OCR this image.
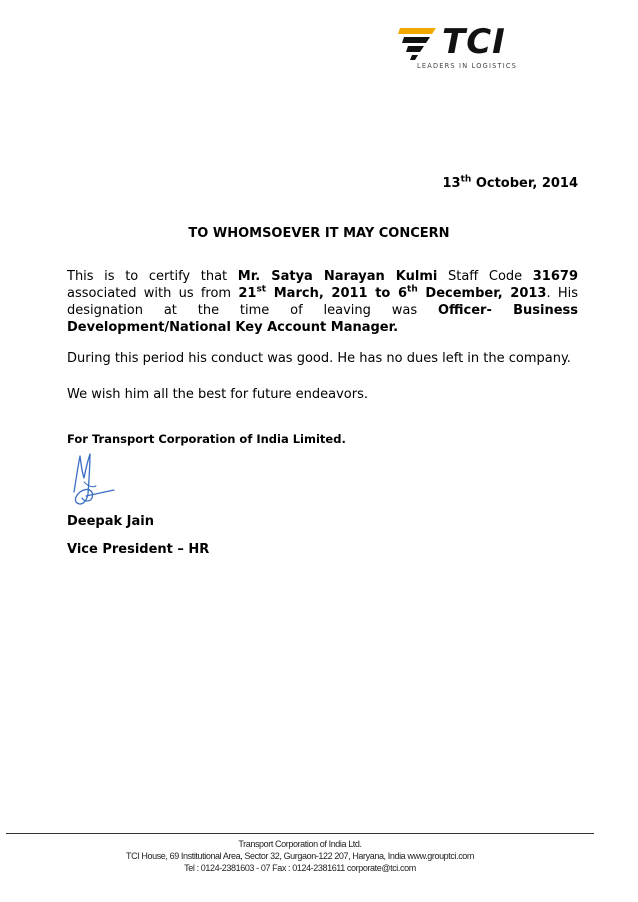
TCI
LEADERS IN LOGISTICS
13th October, 2014
TO WHOMSOEVER IT MAY CONCERN
This is to certify that Mr. Satya Narayan Kulmi Staff Code 31679 associated with us from 21st March, 2011 to 6th December, 2013. His designation at the time of leaving was Officer- Business Development/National Key Account Manager.
During this period his conduct was good. He has no dues left in the company.
We wish him all the best for future endeavors.
For Transport Corporation of India Limited.
Deepak Jain
Vice President – HR
Transport Corporation of India Ltd.
TCI House, 69 Institutional Area, Sector 32, Gurgaon-122 207, Haryana, India www.grouptci.com
Tel : 0124-2381603 - 07 Fax : 0124-2381611 corporate@tci.com
